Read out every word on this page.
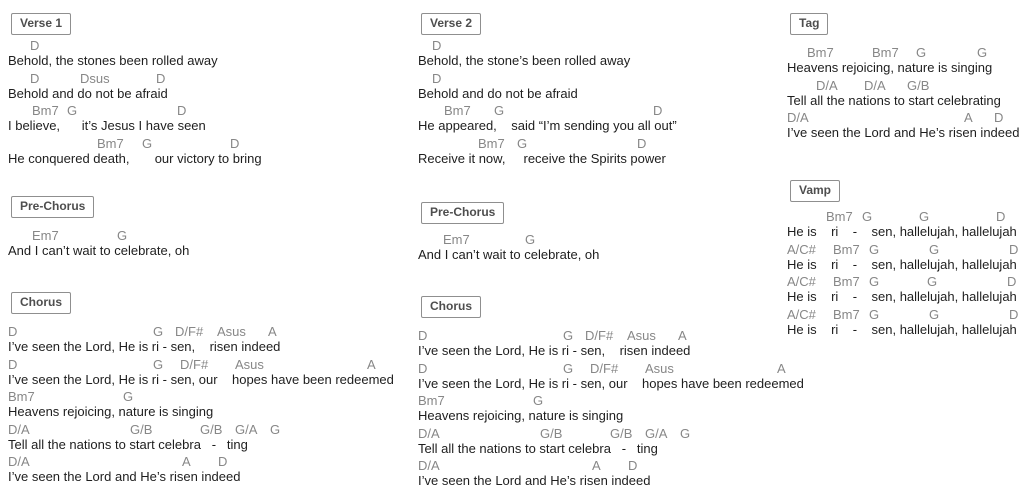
Verse 1
D
Behold, the stones been rolled away
D	Dsus	D
Behold and do not be afraid
Bm7 G	D
I believe,      it’s Jesus I have seen
Bm7 G	D
He conquered death,       our victory to bring
Pre-Chorus
Em7	G
And I can’t wait to celebrate, oh
Chorus
D	G D/F# Asus A
I’ve seen the Lord, He is ri - sen,    risen indeed
D	G D/F# Asus	A
I’ve seen the Lord, He is ri - sen, our    hopes have been redeemed
Bm7	G
Heavens rejoicing, nature is singing
D/A	G/B	G/B G/A G
Tell all the nations to start celebra   -   ting
D/A	A D
I’ve seen the Lord and He’s risen indeed
Verse 2
D
Behold, the stone’s been rolled away
D
Behold and do not be afraid
Bm7 G	D
He appeared,    said “I’m sending you all out”
Bm7 G	D
Receive it now,     receive the Spirits power
Pre-Chorus
Em7	G
And I can’t wait to celebrate, oh
Chorus
D	G D/F# Asus A
I’ve seen the Lord, He is ri - sen,    risen indeed
D	G D/F# Asus	A
I’ve seen the Lord, He is ri - sen, our    hopes have been redeemed
Bm7	G
Heavens rejoicing, nature is singing
D/A	G/B	G/B G/A G
Tell all the nations to start celebra   -   ting
D/A	A D
I’ve seen the Lord and He’s risen indeed
Tag
Bm7	Bm7 G	G
Heavens rejoicing, nature is singing
D/A D/A G/B
Tell all the nations to start celebrating
D/A	A D
I’ve seen the Lord and He’s risen indeed
Vamp
Bm7 G	G	D
He is    ri    -    sen, hallelujah, hallelujah
A/C# Bm7 G	G	D
He is    ri    -    sen, hallelujah, hallelujah
A/C# Bm7 G	G	D
He is    ri    -    sen, hallelujah, hallelujah
A/C# Bm7 G	G	D
He is    ri    -    sen, hallelujah, hallelujah
